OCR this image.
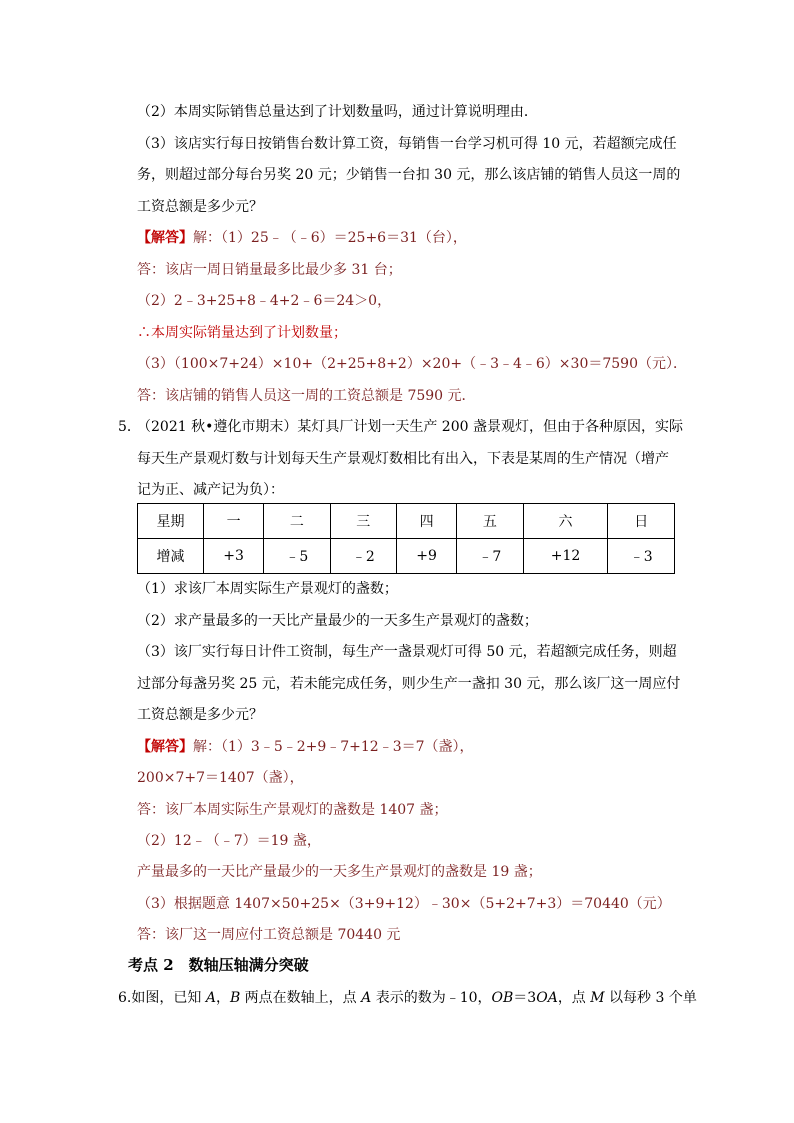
（2）本周实际销售总量达到了计划数量吗，通过计算说明理由．
（3）该店实行每日按销售台数计算工资，每销售一台学习机可得 10 元，若超额完成任
务，则超过部分每台另奖 20 元；少销售一台扣 30 元，那么该店铺的销售人员这一周的
工资总额是多少元？
【解答】解：（1）25﹣（﹣6）＝25+6＝31（台），
答：该店一周日销量最多比最少多 31 台；
（2）2﹣3+25+8﹣4+2﹣6＝24＞0，
∴本周实际销量达到了计划数量；
（3）（100×7+24）×10+（2+25+8+2）×20+（﹣3﹣4﹣6）×30＝7590（元）．
答：该店铺的销售人员这一周的工资总额是 7590 元．
5．
（2021 秋•遵化市期末）某灯具厂计划一天生产 200 盏景观灯，但由于各种原因，实际
每天生产景观灯数与计划每天生产景观灯数相比有出入，下表是某周的生产情况（增产
记为正、减产记为负）：
星期	一	二	三	四	五	六	日
增减	+3	﹣5	﹣2	+9	﹣7	+12	﹣3
（1）求该厂本周实际生产景观灯的盏数；
（2）求产量最多的一天比产量最少的一天多生产景观灯的盏数；
（3）该厂实行每日计件工资制，每生产一盏景观灯可得 50 元，若超额完成任务，则超
过部分每盏另奖 25 元，若未能完成任务，则少生产一盏扣 30 元，那么该厂这一周应付
工资总额是多少元？
【解答】解：（1）3﹣5﹣2+9﹣7+12﹣3＝7（盏），
200×7+7＝1407（盏），
答：该厂本周实际生产景观灯的盏数是 1407 盏；
（2）12﹣（﹣7）＝19 盏，
产量最多的一天比产量最少的一天多生产景观灯的盏数是 19 盏；
（3）根据题意 1407×50+25×（3+9+12）﹣30×（5+2+7+3）＝70440（元）
答：该厂这一周应付工资总额是 70440 元
考点 2　数轴压轴满分突破
6.如图，已知 A，B 两点在数轴上，点 A 表示的数为﹣10，OB＝3OA，点 M 以每秒 3 个单
